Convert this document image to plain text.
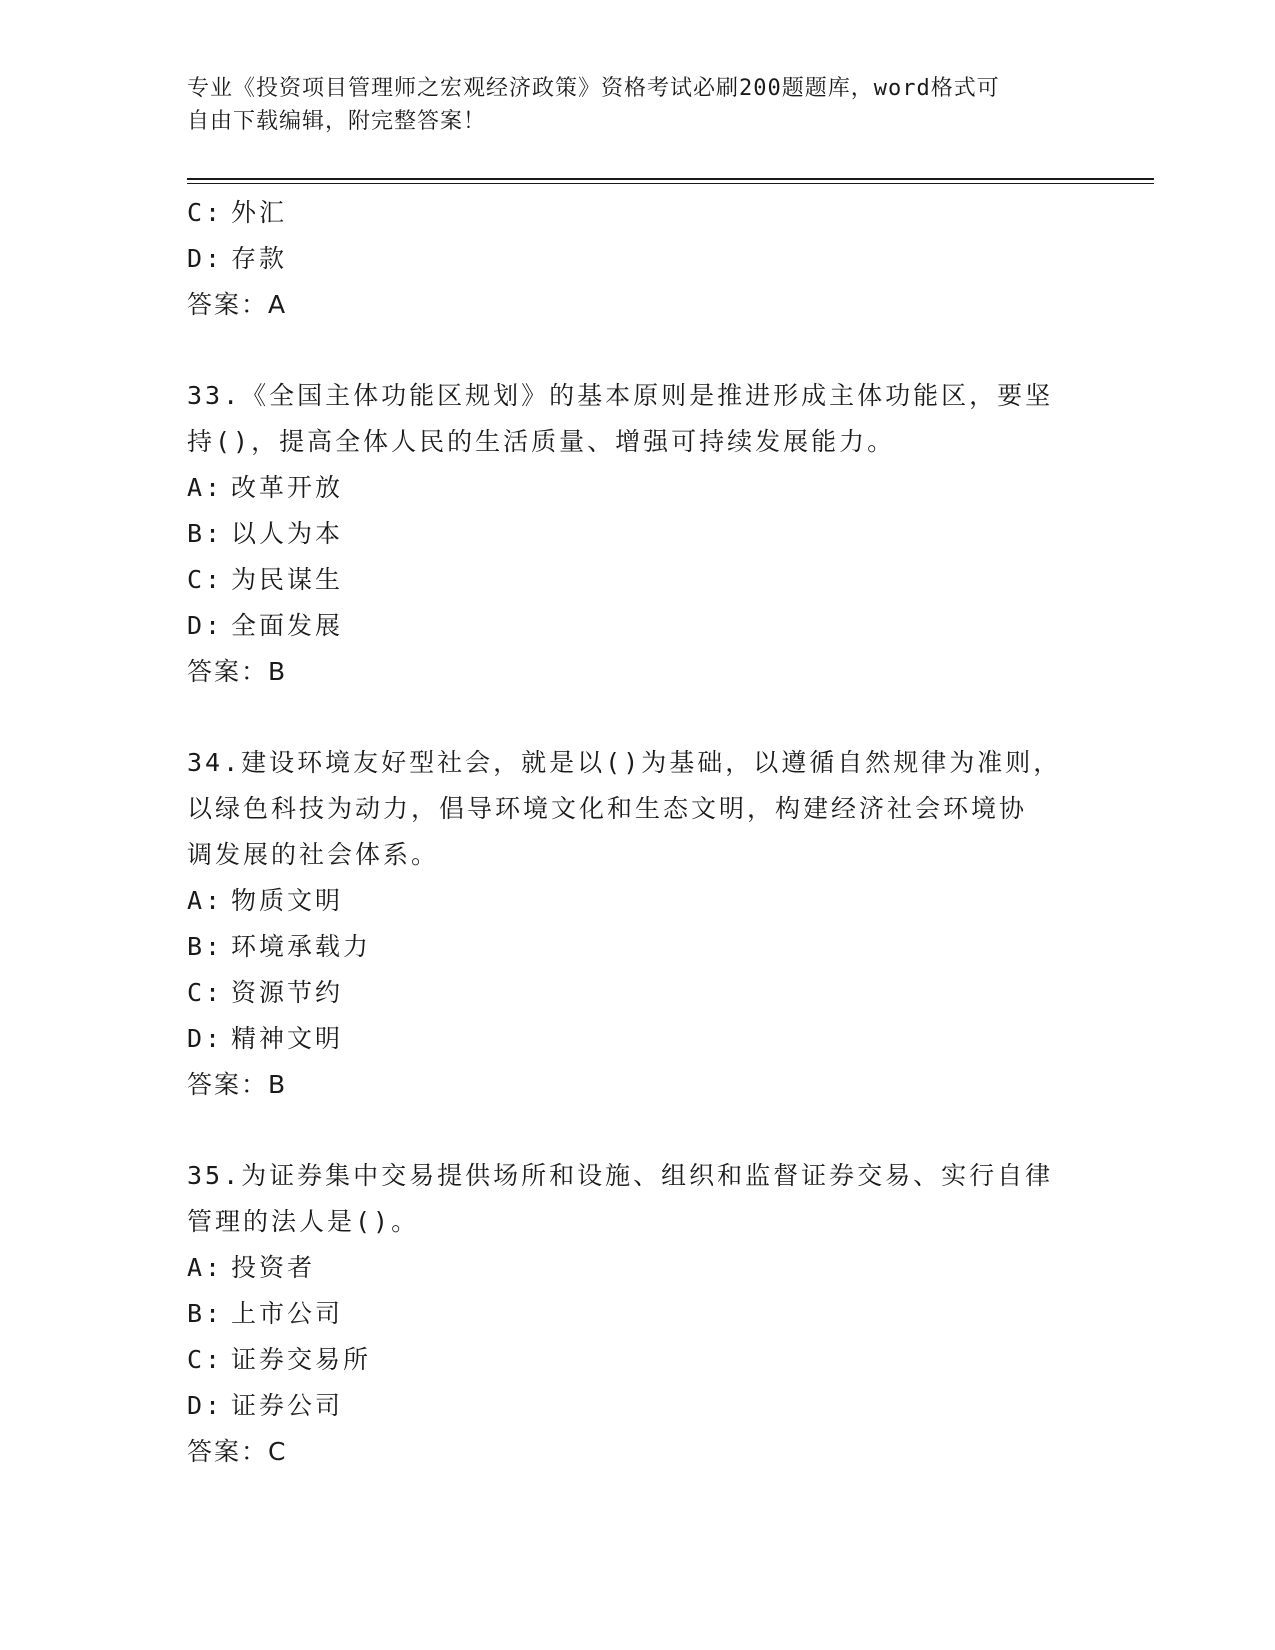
专业《投资项目管理师之宏观经济政策》资格考试必刷200题题库，word格式可
自由下载编辑，附完整答案！
C: 外汇
D: 存款
答案：A
33.《全国主体功能区规划》的基本原则是推进形成主体功能区，要坚
持()，提高全体人民的生活质量、增强可持续发展能力。
A: 改革开放
B: 以人为本
C: 为民谋生
D: 全面发展
答案：B
34.建设环境友好型社会，就是以()为基础，以遵循自然规律为准则，
以绿色科技为动力，倡导环境文化和生态文明，构建经济社会环境协
调发展的社会体系。
A: 物质文明
B: 环境承载力
C: 资源节约
D: 精神文明
答案：B
35.为证券集中交易提供场所和设施、组织和监督证券交易、实行自律
管理的法人是()。
A: 投资者
B: 上市公司
C: 证券交易所
D: 证券公司
答案：C
